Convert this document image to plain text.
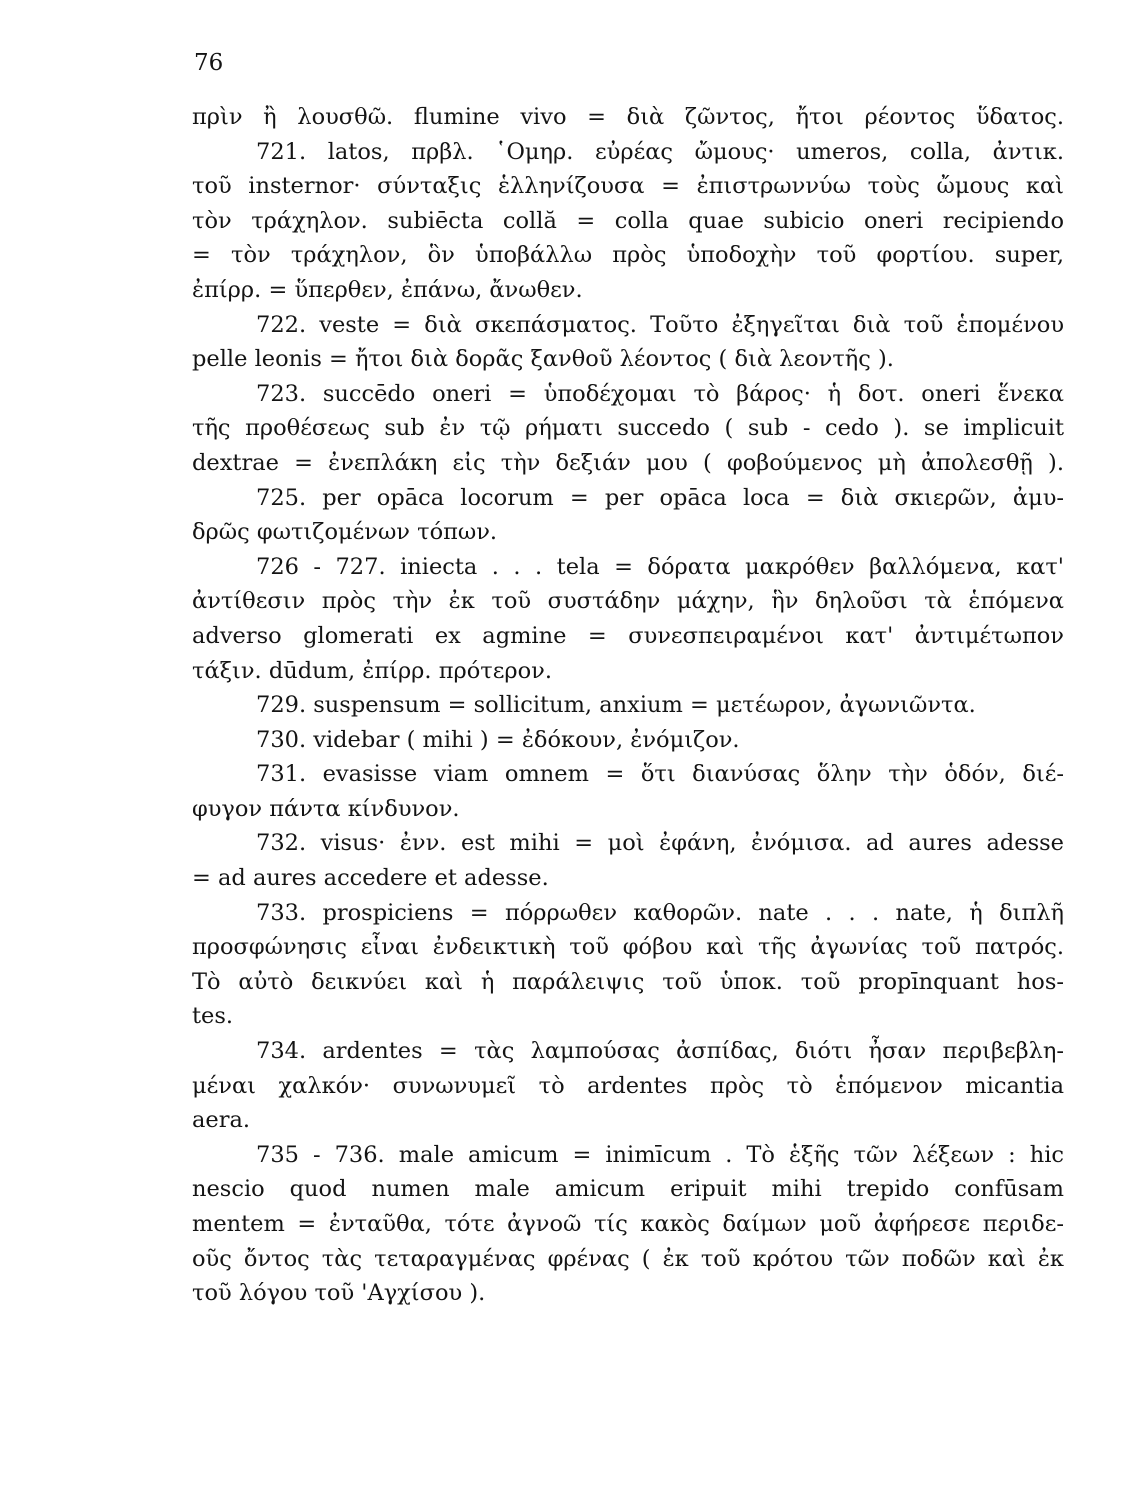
76
πρὶν ἢ λουσθῶ. flumine vivo = διὰ ζῶντος, ἤτοι ρέοντος ὕδατος.
721. latos, πρβλ. ῾Ομηρ. εὐρέας ὤμους· umeros, colla, ἀντικ.
τοῦ insternor· σύνταξις ἑλληνίζουσα = ἐπιστρωννύω τοὺς ὤμους καὶ
τὸν τράχηλον. subiēcta collă = colla quae subicio oneri recipiendo
= τὸν τράχηλον, ὃν ὑποβάλλω πρὸς ὑποδοχὴν τοῦ φορτίου. super,
ἐπίρρ. = ὕπερθεν, ἐπάνω, ἄνωθεν.
722. veste = διὰ σκεπάσματος. Τοῦτο ἐξηγεῖται διὰ τοῦ ἑπομένου
pelle leonis = ἤτοι διὰ δορᾶς ξανθοῦ λέοντος ( διὰ λεοντῆς ).
723. succēdo oneri = ὑποδέχομαι τὸ βάρος· ἡ δοτ. oneri ἕνεκα
τῆς προθέσεως sub ἐν τῷ ρήματι succedo ( sub - cedo ). se implicuit
dextrae = ἐνεπλάκη εἰς τὴν δεξιάν μου ( φοβούμενος μὴ ἀπολεσθῇ ).
725. per opāca locorum = per opāca loca = διὰ σκιερῶν, ἀμυ-
δρῶς φωτιζομένων τόπων.
726 - 727. iniecta . . . tela = δόρατα μακρόθεν βαλλόμενα, κατ'
ἀντίθεσιν πρὸς τὴν ἐκ τοῦ συστάδην μάχην, ἣν δηλοῦσι τὰ ἑπόμενα
adverso glomerati ex agmine = συνεσπειραμένοι κατ' ἀντιμέτωπον
τάξιν. dūdum, ἐπίρρ. πρότερον.
729. suspensum = sollicitum, anxium = μετέωρον, ἀγωνιῶντα.
730. videbar ( mihi ) = ἐδόκουν, ἐνόμιζον.
731. evasisse viam omnem = ὅτι διανύσας ὅλην τὴν ὁδόν, διέ-
φυγον πάντα κίνδυνον.
732. visus· ἐνν. est mihi = μοὶ ἐφάνη, ἐνόμισα. ad aures adesse
= ad aures accedere et adesse.
733. prospiciens = πόρρωθεν καθορῶν. nate . . . nate, ἡ διπλῆ
προσφώνησις εἶναι ἐνδεικτικὴ τοῦ φόβου καὶ τῆς ἀγωνίας τοῦ πατρός.
Τὸ αὐτὸ δεικνύει καὶ ἡ παράλειψις τοῦ ὑποκ. τοῦ propīnquant hos-
tes.
734. ardentes = τὰς λαμπούσας ἀσπίδας, διότι ἦσαν περιβεβλη-
μέναι χαλκόν· συνωνυμεῖ τὸ ardentes πρὸς τὸ ἑπόμενον micantia
aera.
735 - 736. male amicum = inimīcum . Τὸ ἑξῆς τῶν λέξεων : hic
nescio quod numen male amicum eripuit mihi trepido confūsam
mentem = ἐνταῦθα, τότε ἀγνοῶ τίς κακὸς δαίμων μοῦ ἀφήρεσε περιδε-
οῦς ὄντος τὰς τεταραγμένας φρένας ( ἐκ τοῦ κρότου τῶν ποδῶν καὶ ἐκ
τοῦ λόγου τοῦ 'Αγχίσου ).
